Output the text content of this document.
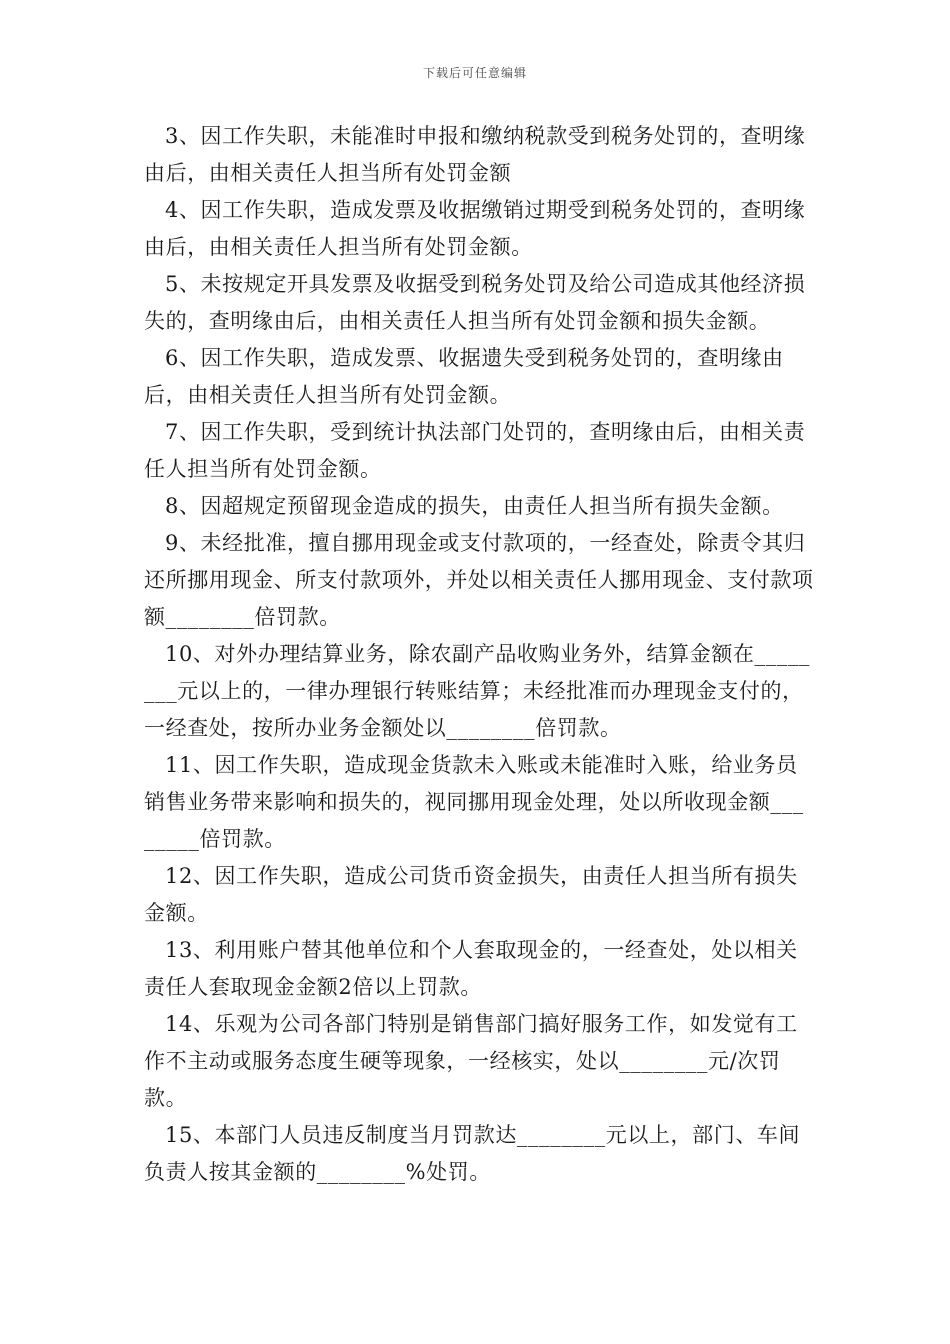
下载后可任意编辑

3、因工作失职，未能准时申报和缴纳税款受到税务处罚的，查明缘由后，由相关责任人担当所有处罚金额

4、因工作失职，造成发票及收据缴销过期受到税务处罚的，查明缘由后，由相关责任人担当所有处罚金额。

5、未按规定开具发票及收据受到税务处罚及给公司造成其他经济损失的，查明缘由后，由相关责任人担当所有处罚金额和损失金额。

6、因工作失职，造成发票、收据遗失受到税务处罚的，查明缘由后，由相关责任人担当所有处罚金额。

7、因工作失职，受到统计执法部门处罚的，查明缘由后，由相关责任人担当所有处罚金额。

8、因超规定预留现金造成的损失，由责任人担当所有损失金额。

9、未经批准，擅自挪用现金或支付款项的，一经查处，除责令其归还所挪用现金、所支付款项外，并处以相关责任人挪用现金、支付款项额________倍罚款。

10、对外办理结算业务，除农副产品收购业务外，结算金额在________元以上的，一律办理银行转账结算；未经批准而办理现金支付的，一经查处，按所办业务金额处以________倍罚款。

11、因工作失职，造成现金货款未入账或未能准时入账，给业务员销售业务带来影响和损失的，视同挪用现金处理，处以所收现金额________倍罚款。

12、因工作失职，造成公司货币资金损失，由责任人担当所有损失金额。

13、利用账户替其他单位和个人套取现金的，一经查处，处以相关责任人套取现金金额2倍以上罚款。

14、乐观为公司各部门特别是销售部门搞好服务工作，如发觉有工作不主动或服务态度生硬等现象，一经核实，处以________元/次罚款。

15、本部门人员违反制度当月罚款达________元以上，部门、车间负责人按其金额的________%处罚。
